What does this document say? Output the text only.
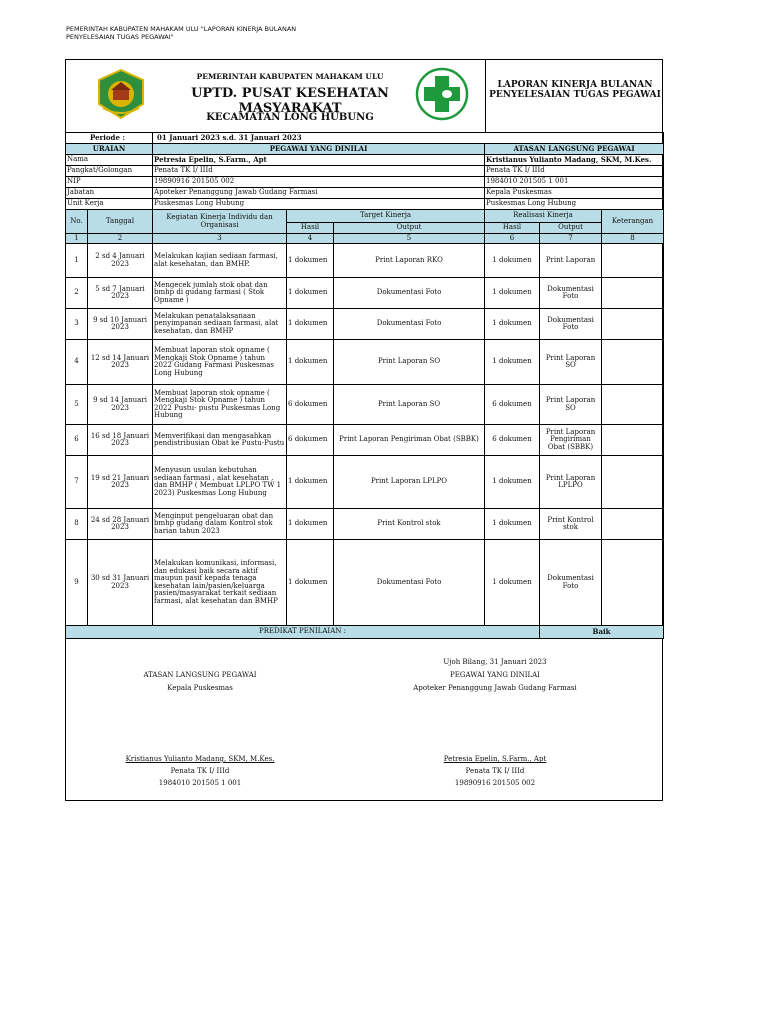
PEMERINTAH KABUPATEN MAHAKAM ULU "LAPORAN KINERJA BULANAN PENYELESAIAN TUGAS PEGAWAI"
PEMERINTAH KABUPATEN MAHAKAM ULU
UPTD. PUSAT KESEHATAN MASYARAKAT
KECAMATAN LONG HUBUNG
LAPORAN KINERJA BULANAN PENYELESAIAN TUGAS PEGAWAI
Periode :		01 Januari 2023 s.d. 31 Januari 2023					
URAIAN		PEGAWAI YANG DINILAI			ATASAN LANGSUNG PEGAWAI		
Nama		Petresia Epelin, S.Farm., Apt			Kristianus Yulianto Madang, SKM, M.Kes.		
Pangkat/Golongan		Penata TK I/ IIId			Penata TK I/ IIId		
NIP		19890916 201505 002			1984010 201505 1 001		
Jabatan		Apoteker Penanggung Jawab Gudang Farmasi			Kepala Puskesmas		
Unit Kerja		Puskesmas Long Hubung			Puskesmas Long Hubung		
No.	Tanggal	Kegiatan Kinerja Individu dan Organisasi	Target Kinerja		Realisasi Kinerja		Keterangan
			Hasil	Output	Hasil	Output	
1	2	3	4	5	6	7	8
1	2 sd 4 Januari 2023	Melakukan kajian sediaan farmasi, alat kesehatan, dan BMHP.	1 dokumen	Print Laporan RKO	1 dokumen	Print Laporan	
2	5 sd 7 Januari 2023	Mengecek jumlah stok obat dan bmhp di gudang farmasi ( Stok Opname )	1 dokumen	Dokumentasi Foto	1 dokumen	Dokumentasi Foto	
3	9 sd 10 Januari 2023	Melakukan penatalaksanaan penyimpanan sediaan farmasi, alat kesehatan, dan BMHP	1 dokumen	Dokumentasi Foto	1 dokumen	Dokumentasi Foto	
4	12 sd 14 Januari 2023	Membuat laporan stok opname ( Mengkaji Stok Opname ) tahun 2022 Gudang Farmasi Puskesmas Long Hubung	1 dokumen	Print Laporan SO	1 dokumen	Print Laporan SO	
5	9 sd 14 Januari 2023	Membuat laporan stok opname ( Mengkaji Stok Opname ) tahun 2022 Pustu- pustu Puskesmas Long Hubung	6 dokumen	Print Laporan SO	6 dokumen	Print Laporan SO	
6	16 sd 18 Januari 2023	Memverifikasi dan mengasahkan pendistribusian Obat ke Pustu-Pustu	6 dokumen	Print Laporan Pengiriman Obat (SBBK)	6 dokumen	Print Laporan Pengiriman Obat (SBBK)	
7	19 sd 21 Januari 2023	Menyusun usulan kebutuhan sediaan farmasi , alat kesehatan , dan BMHP ( Membuat LPLPO TW 1 2023) Puskesmas Long Hubung	1 dokumen	Print Laporan LPLPO	1 dokumen	Print Laporan LPLPO	
8	24 sd 28 Januari 2023	Menginput pengeluaran obat dan bmhp gudang dalam Kontrol stok harian tahun 2023	1 dokumen	Print Kontrol stok	1 dokumen	Print Kontrol stok	
9	30 sd 31 Januari 2023	Melakukan komunikasi, informasi, dan edukasi baik secara aktif maupun pasif kepada tenaga kesehatan lain/pasien/keluarga pasien/masyarakat terkait sediaan farmasi, alat kesehatan dan BMHP	1 dokumen	Dokumentasi Foto	1 dokumen	Dokumentasi Foto	
PREDIKAT PENILAIAN :						Baik	
Ujoh Bilang, 31 Januari 2023
ATASAN LANGSUNG PEGAWAI	PEGAWAI YANG DINILAI
Kepala Puskesmas	Apoteker Penanggung Jawab Gudang Farmasi
Kristianus Yulianto Madang, SKM, M.Kes.	Petresia Epelin, S.Farm., Apt
Penata TK I/ IIId	Penata TK I/ IIId
1984010 201505 1 001	19890916 201505 002
